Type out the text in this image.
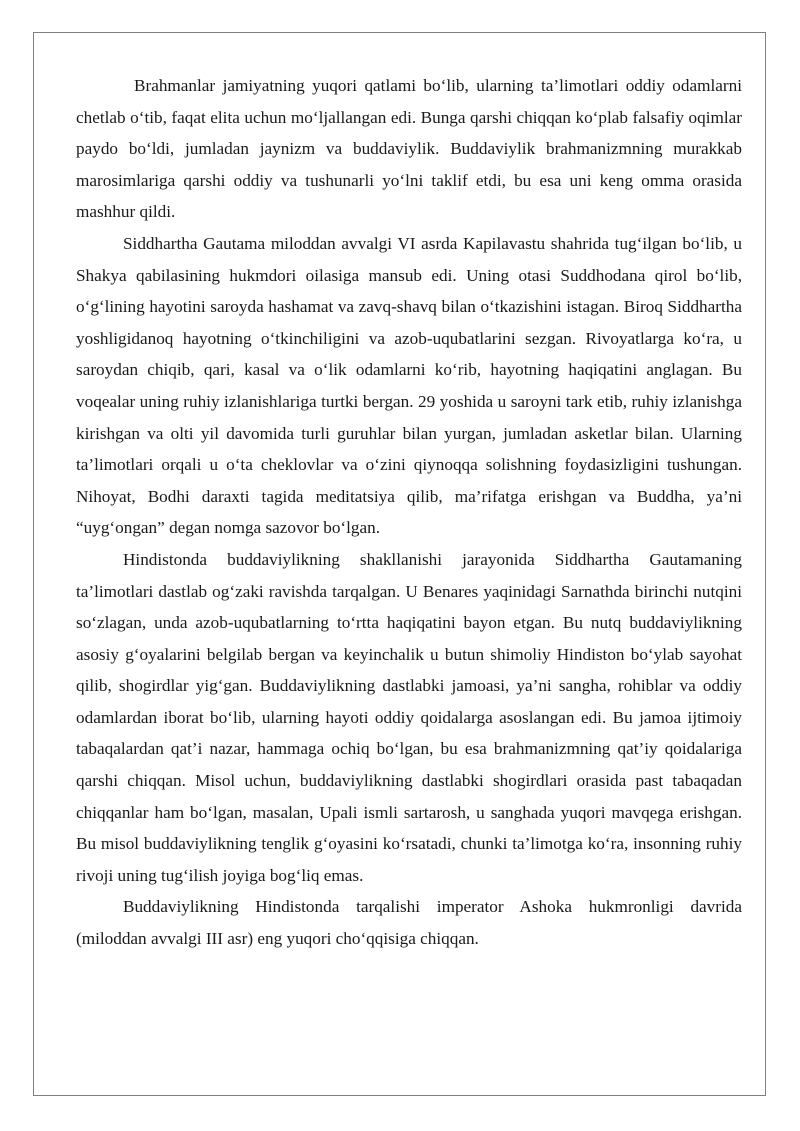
Brahmanlar jamiyatning yuqori qatlami bo‘lib, ularning ta’limotlari oddiy odamlarni chetlab o‘tib, faqat elita uchun mo‘ljallangan edi. Bunga qarshi chiqqan ko‘plab falsafiy oqimlar paydo bo‘ldi, jumladan jaynizm va buddaviylik. Buddaviylik brahmanizmning murakkab marosimlariga qarshi oddiy va tushunarli yo‘lni taklif etdi, bu esa uni keng omma orasida mashhur qildi.

Siddhartha Gautama miloddan avvalgi VI asrda Kapilavastu shahrida tug‘ilgan bo‘lib, u Shakya qabilasining hukmdori oilasiga mansub edi. Uning otasi Suddhodana qirol bo‘lib, o‘g‘lining hayotini saroyda hashamat va zavq-shavq bilan o‘tkazishini istagan. Biroq Siddhartha yoshligidanoq hayotning o‘tkinchiligini va azob-uqubatlarini sezgan. Rivoyatlarga ko‘ra, u saroydan chiqib, qari, kasal va o‘lik odamlarni ko‘rib, hayotning haqiqatini anglagan. Bu voqealar uning ruhiy izlanishlariga turtki bergan. 29 yoshida u saroyni tark etib, ruhiy izlanishga kirishgan va olti yil davomida turli guruhlar bilan yurgan, jumladan asketlar bilan. Ularning ta’limotlari orqali u o‘ta cheklovlar va o‘zini qiynoqqa solishning foydasizligini tushungan. Nihoyat, Bodhi daraxti tagida meditatsiya qilib, ma’rifatga erishgan va Buddha, ya’ni “uyg‘ongan” degan nomga sazovor bo‘lgan.

Hindistonda buddaviylikning shakllanishi jarayonida Siddhartha Gautamaning ta’limotlari dastlab og‘zaki ravishda tarqalgan. U Benares yaqinidagi Sarnathda birinchi nutqini so‘zlagan, unda azob-uqubatlarning to‘rtta haqiqatini bayon etgan. Bu nutq buddaviylikning asosiy g‘oyalarini belgilab bergan va keyinchalik u butun shimoliy Hindiston bo‘ylab sayohat qilib, shogirdlar yig‘gan. Buddaviylikning dastlabki jamoasi, ya’ni sangha, rohiblar va oddiy odamlardan iborat bo‘lib, ularning hayoti oddiy qoidalarga asoslangan edi. Bu jamoa ijtimoiy tabaqalardan qat’i nazar, hammaga ochiq bo‘lgan, bu esa brahmanizmning qat’iy qoidalariga qarshi chiqqan. Misol uchun, buddaviylikning dastlabki shogirdlari orasida past tabaqadan chiqqanlar ham bo‘lgan, masalan, Upali ismli sartarosh, u sanghada yuqori mavqega erishgan. Bu misol buddaviylikning tenglik g‘oyasini ko‘rsatadi, chunki ta’limotga ko‘ra, insonning ruhiy rivoji uning tug‘ilish joyiga bog‘liq emas.

Buddaviylikning Hindistonda tarqalishi imperator Ashoka hukmronligi davrida (miloddan avvalgi III asr) eng yuqori cho‘qqisiga chiqqan.
